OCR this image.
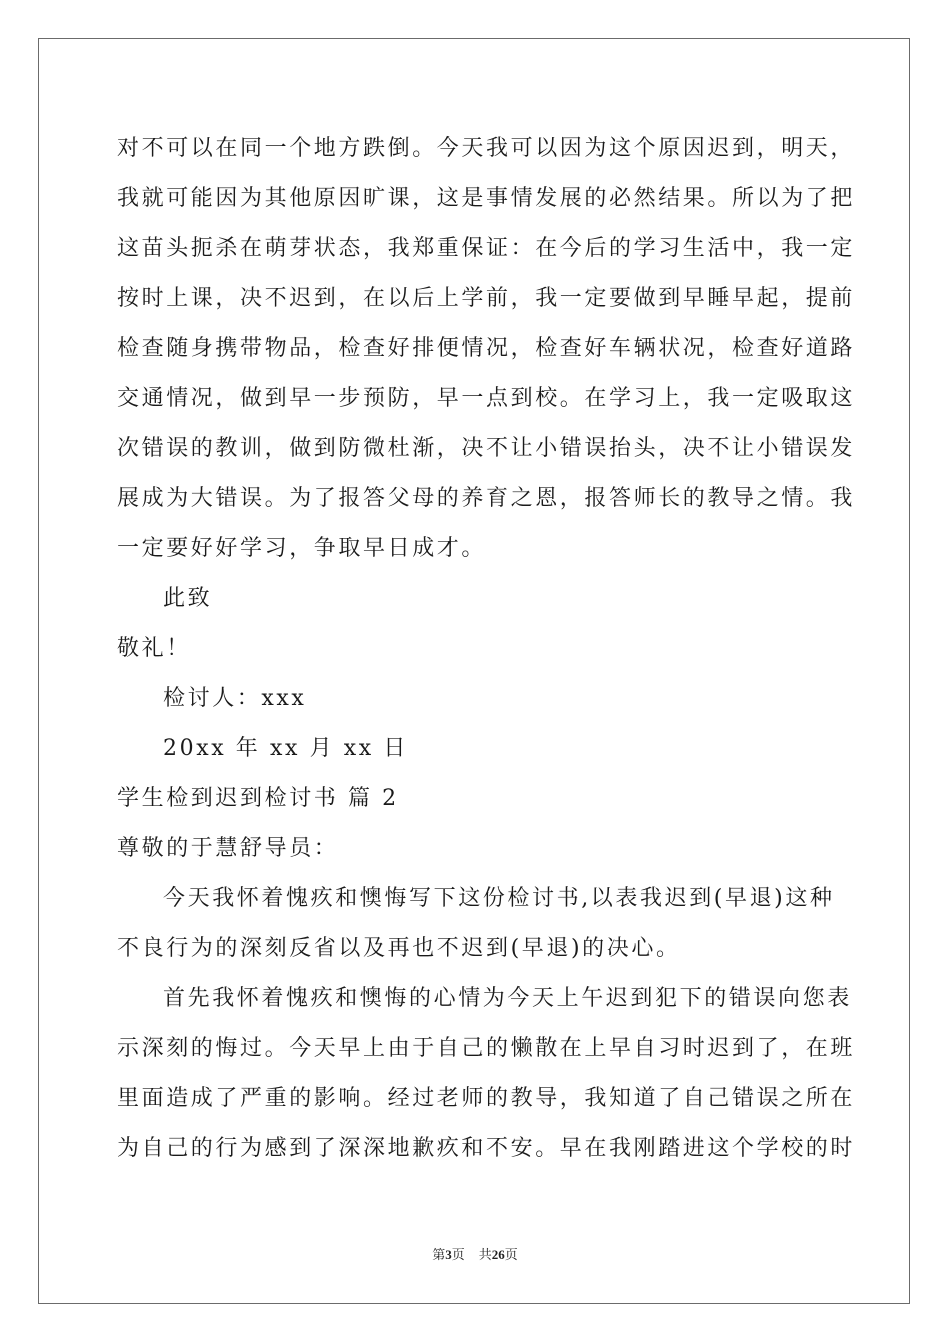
对不可以在同一个地方跌倒。今天我可以因为这个原因迟到，明天，
我就可能因为其他原因旷课，这是事情发展的必然结果。所以为了把
这苗头扼杀在萌芽状态，我郑重保证：在今后的学习生活中，我一定
按时上课，决不迟到，在以后上学前，我一定要做到早睡早起，提前
检查随身携带物品，检查好排便情况，检查好车辆状况，检查好道路
交通情况，做到早一步预防，早一点到校。在学习上，我一定吸取这
次错误的教训，做到防微杜渐，决不让小错误抬头，决不让小错误发
展成为大错误。为了报答父母的养育之恩，报答师长的教导之情。我
一定要好好学习，争取早日成才。
此致
敬礼！
检讨人：xxx
20xx 年 xx 月 xx 日
学生检到迟到检讨书 篇 2
尊敬的于慧舒导员：
今天我怀着愧疚和懊悔写下这份检讨书,以表我迟到(早退)这种
不良行为的深刻反省以及再也不迟到(早退)的决心。
首先我怀着愧疚和懊悔的心情为今天上午迟到犯下的错误向您表
示深刻的悔过。今天早上由于自己的懒散在上早自习时迟到了，在班
里面造成了严重的影响。经过老师的教导，我知道了自己错误之所在
为自己的行为感到了深深地歉疚和不安。早在我刚踏进这个学校的时
第3页 共26页
